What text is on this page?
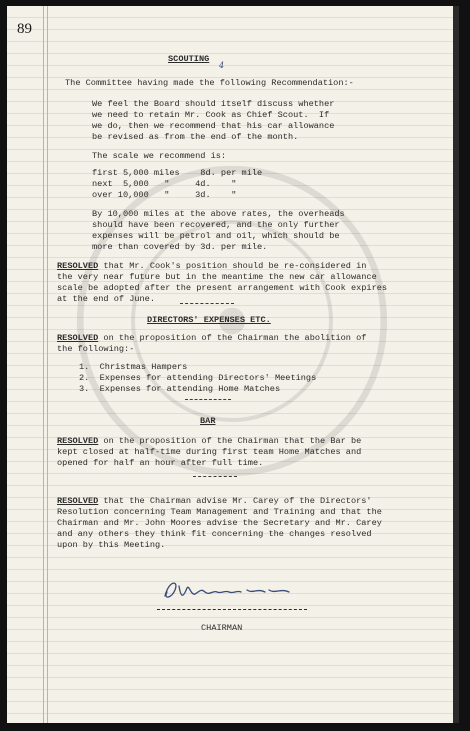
89

SCOUTING

4

The Committee having made the following Recommendation:-

We feel the Board should itself discuss whether

we need to retain Mr. Cook as Chief Scout.  If

we do, then we recommend that his car allowance

be revised as from the end of the month.

The scale we recommend is:

first 5,000 miles    8d. per mile

next  5,000   "     4d.    "

over 10,000   "     3d.    "

By 10,000 miles at the above rates, the overheads

should have been recovered, and the only further

expenses will be petrol and oil, which should be

more than covered by 3d. per mile.

RESOLVED that Mr. Cook's position should be re-considered in

the very near future but in the meantime the new car allowance

scale be adopted after the present arrangement with Cook expires

at the end of June.

DIRECTORS' EXPENSES ETC.

RESOLVED on the proposition of the Chairman the abolition of

the following:-

1.  Christmas Hampers

2.  Expenses for attending Directors' Meetings

3.  Expenses for attending Home Matches

BAR

RESOLVED on the proposition of the Chairman that the Bar be

kept closed at half-time during first team Home Matches and

opened for half an hour after full time.

RESOLVED that the Chairman advise Mr. Carey of the Directors'

Resolution concerning Team Management and Training and that the

Chairman and Mr. John Moores advise the Secretary and Mr. Carey

and any others they think fit concerning the changes resolved

upon by this Meeting.

CHAIRMAN
